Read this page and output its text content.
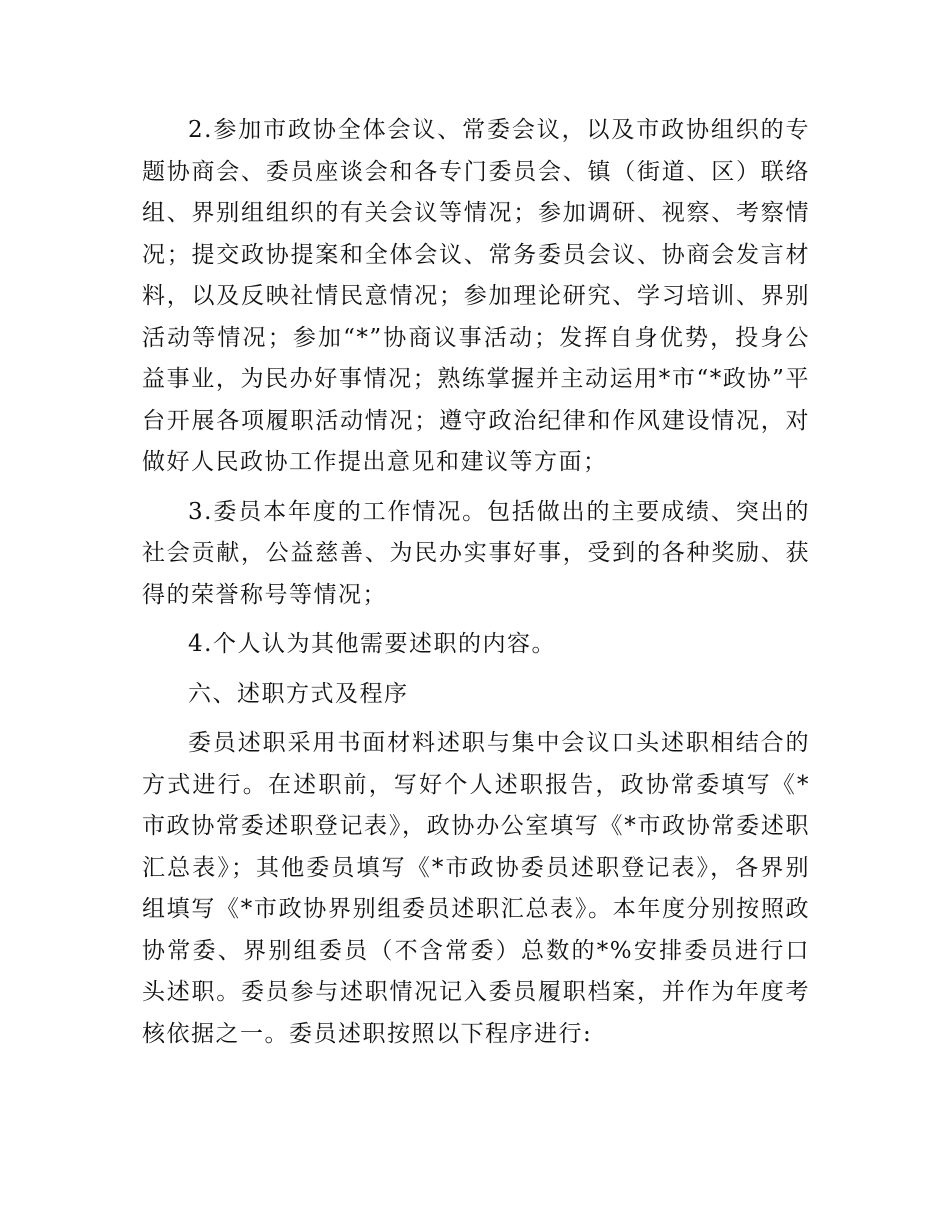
2.参加市政协全体会议、常委会议，以及市政协组织的专题协商会、委员座谈会和各专门委员会、镇（街道、区）联络组、界别组组织的有关会议等情况；参加调研、视察、考察情况；提交政协提案和全体会议、常务委员会议、协商会发言材料，以及反映社情民意情况；参加理论研究、学习培训、界别活动等情况；参加“*”协商议事活动；发挥自身优势，投身公益事业，为民办好事情况；熟练掌握并主动运用*市“*政协”平台开展各项履职活动情况；遵守政治纪律和作风建设情况，对做好人民政协工作提出意见和建议等方面；

3.委员本年度的工作情况。包括做出的主要成绩、突出的社会贡献，公益慈善、为民办实事好事，受到的各种奖励、获得的荣誉称号等情况；

4.个人认为其他需要述职的内容。

六、述职方式及程序

委员述职采用书面材料述职与集中会议口头述职相结合的方式进行。在述职前，写好个人述职报告，政协常委填写《*市政协常委述职登记表》，政协办公室填写《*市政协常委述职汇总表》；其他委员填写《*市政协委员述职登记表》，各界别组填写《*市政协界别组委员述职汇总表》。本年度分别按照政协常委、界别组委员（不含常委）总数的*%安排委员进行口头述职。委员参与述职情况记入委员履职档案，并作为年度考核依据之一。委员述职按照以下程序进行:
